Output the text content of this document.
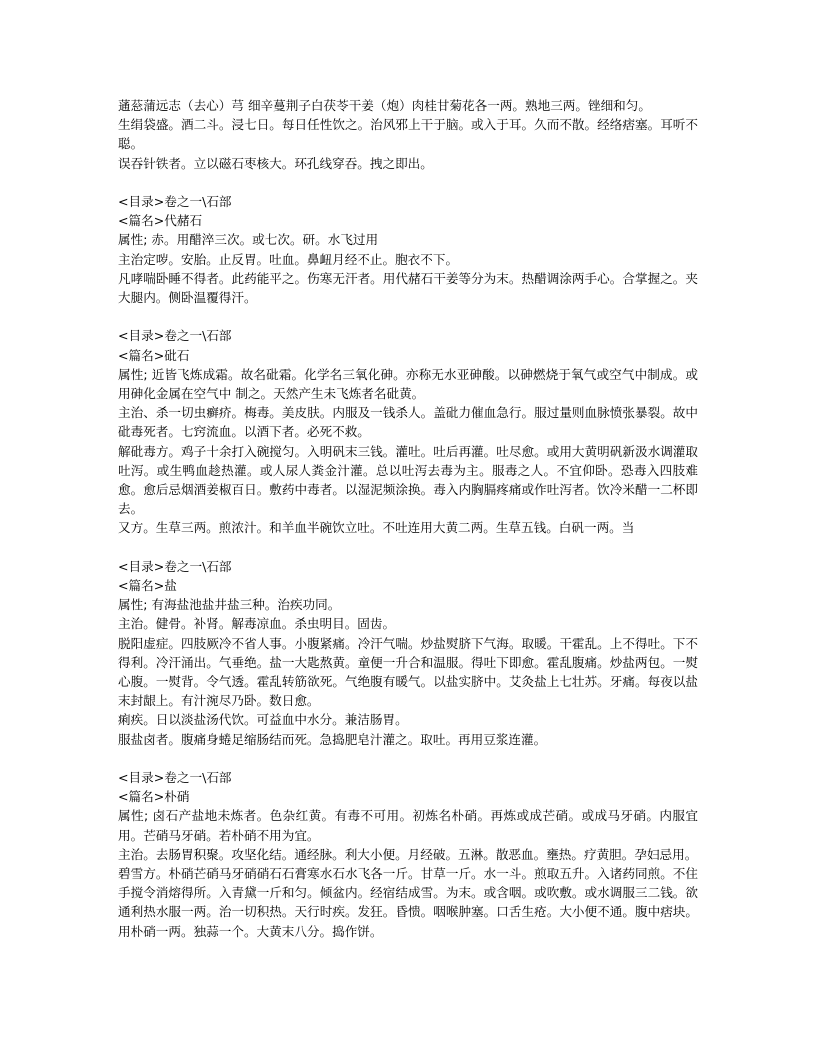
蓪䓗蒲远志（去心）芎 细辛蔓荆子白茯苓干姜（炮）肉桂甘菊花各一两。熟地三两。锉细和匀。

生绢袋盛。酒二斗。浸七日。每日任性饮之。治风邪上干于脑。或入于耳。久而不散。经络痞塞。耳听不聪。

误吞针铁者。立以磁石枣核大。环孔线穿吞。拽之即出。

<目录>卷之一\石部

<篇名>代赭石

属性; 赤。用醋淬三次。或七次。研。水飞过用

主治定哕。安胎。止反胃。吐血。鼻衄月经不止。胞衣不下。

凡哮喘卧睡不得者。此药能平之。伤寒无汗者。用代赭石干姜等分为末。热醋调涂两手心。合掌握之。夹大腿内。侧卧温覆得汗。

<目录>卷之一\石部

<篇名>砒石

属性; 近皆飞炼成霜。故名砒霜。化学名三氧化砷。亦称无水亚砷酸。以砷燃烧于氧气或空气中制成。或用砷化金属在空气中 制之。天然产生未飞炼者名砒黄。

主治、杀一切虫癣疥。梅毒。美皮肤。内服及一钱杀人。盖砒力催血急行。服过量则血脉愤张暴裂。故中砒毒死者。七窍流血。以酒下者。必死不救。

解砒毒方。鸡子十余打入碗搅匀。入明矾末三钱。灌吐。吐后再灌。吐尽愈。或用大黄明矾新汲水调灌取吐泻。或生鸭血趁热灌。或人尿人粪金汁灌。总以吐泻去毒为主。服毒之人。不宜仰卧。恐毒入四肢难愈。愈后忌烟酒姜椒百日。敷药中毒者。以湿泥频涂换。毒入内胸膈疼痛或作吐泻者。饮冷米醋一二杯即去。

又方。生草三两。煎浓汁。和羊血半碗饮立吐。不吐连用大黄二两。生草五钱。白矾一两。当

<目录>卷之一\石部

<篇名>盐

属性; 有海盐池盐井盐三种。治疾功同。

主治。健骨。补肾。解毒凉血。杀虫明目。固齿。

脱阳虚症。四肢厥冷不省人事。小腹紧痛。冷汗气喘。炒盐熨脐下气海。取暖。干霍乱。上不得吐。下不得利。冷汗涌出。气垂绝。盐一大匙熬黄。童便一升合和温服。得吐下即愈。霍乱腹痛。炒盐两包。一熨心腹。一熨背。令气透。霍乱转筋欲死。气绝腹有暖气。以盐实脐中。艾灸盐上七壮苏。牙痛。每夜以盐末封龈上。有汁涴尽乃卧。数日愈。

痢疾。日以淡盐汤代饮。可益血中水分。兼洁肠胃。

服盐卤者。腹痛身蜷足缩肠结而死。急捣肥皂汁灌之。取吐。再用豆浆连灌。

<目录>卷之一\石部

<篇名>朴硝

属性; 卤石产盐地未炼者。色杂红黄。有毒不可用。初炼名朴硝。再炼或成芒硝。或成马牙硝。内服宜用。芒硝马牙硝。若朴硝不用为宜。

主治。去肠胃积聚。攻坚化结。通经脉。利大小便。月经破。五淋。散恶血。壅热。疗黄胆。孕妇忌用。

碧雪方。朴硝芒硝马牙硝硝石石膏寒水石水飞各一斤。甘草一斤。水一斗。煎取五升。入诸药同煎。不住手搅令消熔得所。入青黛一斤和匀。倾盆内。经宿结成雪。为末。或含咽。或吹敷。或水调服三二钱。欲通利热水服一两。治一切积热。天行时疾。发狂。昏愦。咽喉肿塞。口舌生疮。大小便不通。腹中痞块。用朴硝一两。独蒜一个。大黄末八分。捣作饼。
